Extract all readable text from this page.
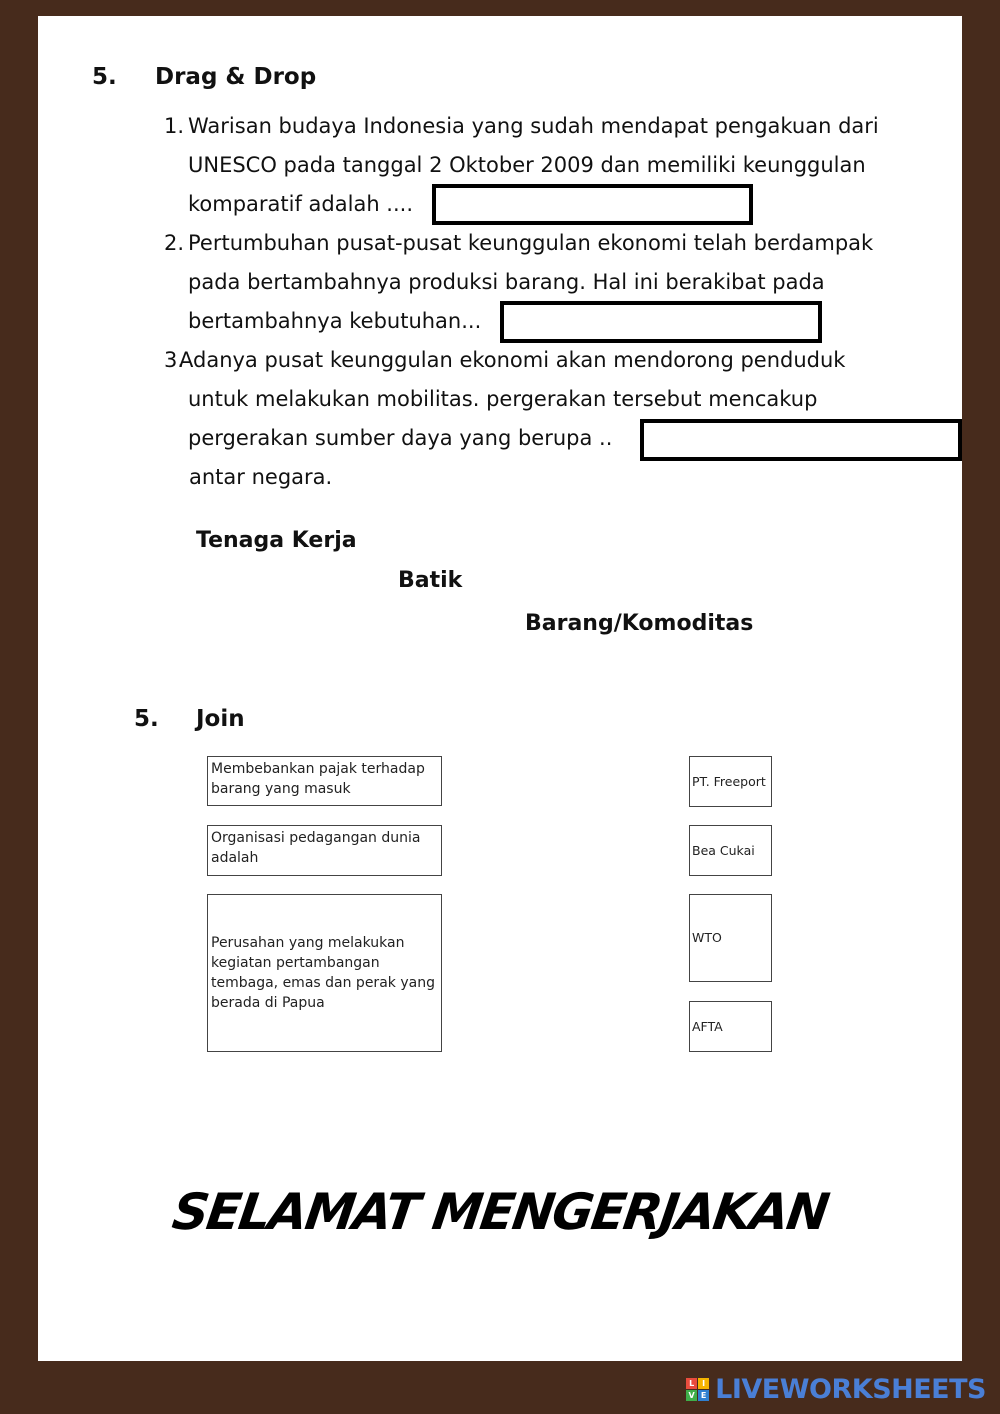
5. Drag & Drop
1. Warisan budaya Indonesia yang sudah mendapat pengakuan dari
UNESCO pada tanggal 2 Oktober 2009 dan memiliki keunggulan
komparatif adalah ....
2. Pertumbuhan pusat-pusat keunggulan ekonomi telah berdampak
pada bertambahnya produksi barang. Hal ini berakibat pada
bertambahnya kebutuhan...
3.
Adanya pusat keunggulan ekonomi akan mendorong penduduk
untuk melakukan mobilitas. pergerakan tersebut mencakup
pergerakan sumber daya yang berupa ..
antar negara.
Tenaga Kerja
Batik
Barang/Komoditas
5. Join
Membebankan pajak terhadap barang yang masuk
Organisasi pedagangan dunia adalah
Perusahan yang melakukan kegiatan pertambangan tembaga, emas dan perak yang berada di Papua
PT. Freeport
Bea Cukai
WTO
AFTA
SELAMAT MENGERJAKAN
L I
V E LIVEWORKSHEETS
